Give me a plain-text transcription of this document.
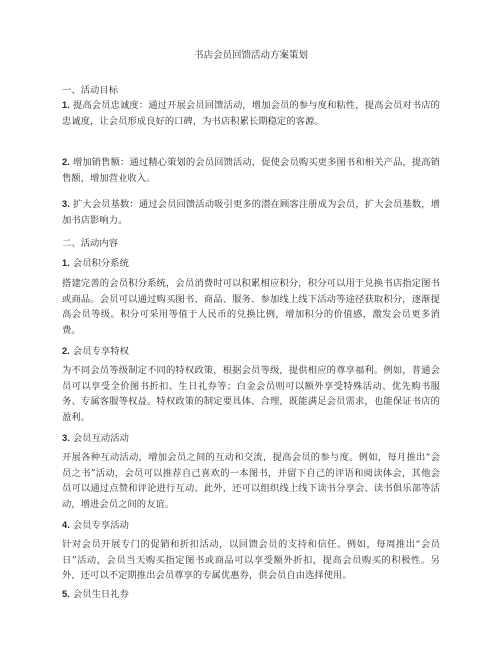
书店会员回馈活动方案策划
一、活动目标
1. 提高会员忠诚度：通过开展会员回馈活动，增加会员的参与度和粘性，提高会员对书店的忠诚度，让会员形成良好的口碑，为书店积累长期稳定的客源。
2. 增加销售额：通过精心策划的会员回馈活动，促使会员购买更多图书和相关产品，提高销售额，增加营业收入。
3. 扩大会员基数：通过会员回馈活动吸引更多的潜在顾客注册成为会员，扩大会员基数，增加书店影响力。
二、活动内容
1. 会员积分系统
搭建完善的会员积分系统，会员消费时可以积累相应积分，积分可以用于兑换书店指定图书或商品。会员可以通过购买图书、商品、服务、参加线上线下活动等途径获取积分，逐渐提高会员等级。积分可采用等值于人民币的兑换比例，增加积分的价值感，激发会员更多消费。
2. 会员专享特权
为不同会员等级制定不同的特权政策，根据会员等级，提供相应的尊享福利。例如，普通会员可以享受全价图书折扣、生日礼券等；白金会员则可以额外享受特殊活动、优先购书服务、专属客服等权益。特权政策的制定要具体、合理，既能满足会员需求，也能保证书店的盈利。
3. 会员互动活动
开展各种互动活动，增加会员之间的互动和交流，提高会员的参与度。例如，每月推出“会员之书”活动，会员可以推荐自己喜欢的一本图书，并留下自己的评语和阅读体会，其他会员可以通过点赞和评论进行互动。此外，还可以组织线上线下读书分享会、读书俱乐部等活动，增进会员之间的友谊。
4. 会员专享活动
针对会员开展专门的促销和折扣活动，以回馈会员的支持和信任。例如，每周推出“会员日”活动，会员当天购买指定图书或商品可以享受额外折扣，提高会员购买的积极性。另外，还可以不定期推出会员尊享的专属优惠券，供会员自由选择使用。
5. 会员生日礼券
